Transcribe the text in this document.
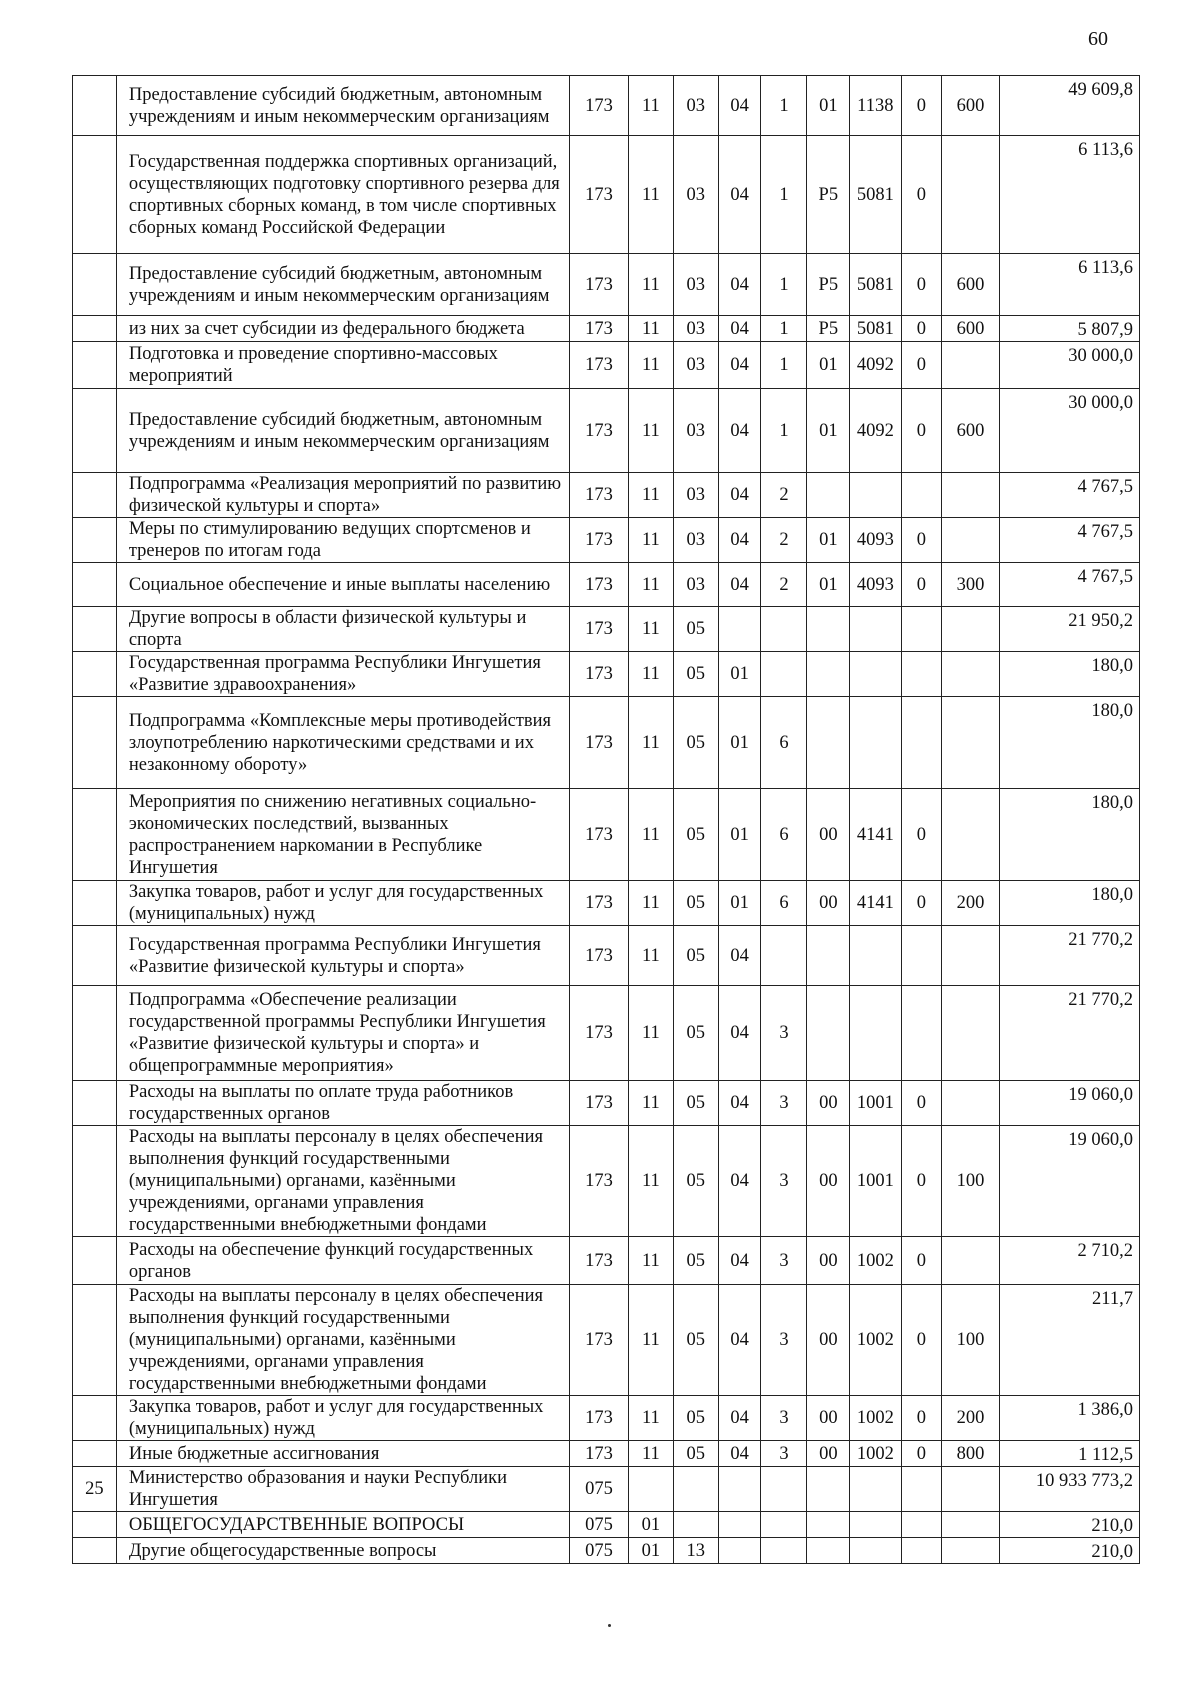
60
	Предоставление субсидий бюджетным, автономным учреждениям и иным некоммерческим организациям	173	11	03	04	1	01	1138	0	600	49 609,8
	Государственная поддержка спортивных организаций, осуществляющих подготовку спортивного резерва для спортивных сборных команд, в том числе спортивных сборных команд Российской Федерации	173	11	03	04	1	P5	5081	0		6 113,6
	Предоставление субсидий бюджетным, автономным учреждениям и иным некоммерческим организациям	173	11	03	04	1	P5	5081	0	600	6 113,6
	из них за счет субсидии из федерального бюджета	173	11	03	04	1	P5	5081	0	600	5 807,9
	Подготовка и проведение спортивно-массовых мероприятий	173	11	03	04	1	01	4092	0		30 000,0
	Предоставление субсидий бюджетным, автономным учреждениям и иным некоммерческим организациям	173	11	03	04	1	01	4092	0	600	30 000,0
	Подпрограмма «Реализация мероприятий по развитию физической культуры и спорта»	173	11	03	04	2					4 767,5
	Меры по стимулированию ведущих спортсменов и тренеров по итогам года	173	11	03	04	2	01	4093	0		4 767,5
	Социальное обеспечение и иные выплаты населению	173	11	03	04	2	01	4093	0	300	4 767,5
	Другие вопросы в области физической культуры и спорта	173	11	05							21 950,2
	Государственная программа Республики Ингушетия «Развитие здравоохранения»	173	11	05	01						180,0
	Подпрограмма «Комплексные меры противодействия злоупотреблению наркотическими средствами и их незаконному обороту»	173	11	05	01	6					180,0
	Мероприятия по снижению негативных социально-экономических последствий, вызванных распространением наркомании в Республике Ингушетия	173	11	05	01	6	00	4141	0		180,0
	Закупка товаров, работ и услуг для государственных (муниципальных) нужд	173	11	05	01	6	00	4141	0	200	180,0
	Государственная программа Республики Ингушетия «Развитие физической культуры и спорта»	173	11	05	04						21 770,2
	Подпрограмма «Обеспечение реализации государственной программы Республики Ингушетия «Развитие физической культуры и спорта» и общепрограммные мероприятия»	173	11	05	04	3					21 770,2
	Расходы на выплаты по оплате труда работников государственных органов	173	11	05	04	3	00	1001	0		19 060,0
	Расходы на выплаты персоналу в целях обеспечения выполнения функций государственными (муниципальными) органами, казёнными учреждениями, органами управления государственными внебюджетными фондами	173	11	05	04	3	00	1001	0	100	19 060,0
	Расходы на обеспечение функций государственных органов	173	11	05	04	3	00	1002	0		2 710,2
	Расходы на выплаты персоналу в целях обеспечения выполнения функций государственными (муниципальными) органами, казёнными учреждениями, органами управления государственными внебюджетными фондами	173	11	05	04	3	00	1002	0	100	211,7
	Закупка товаров, работ и услуг для государственных (муниципальных) нужд	173	11	05	04	3	00	1002	0	200	1 386,0
	Иные бюджетные ассигнования	173	11	05	04	3	00	1002	0	800	1 112,5
25	Министерство образования и науки Республики Ингушетия	075									10 933 773,2
	ОБЩЕГОСУДАРСТВЕННЫЕ ВОПРОСЫ	075	01								210,0
	Другие общегосударственные вопросы	075	01	13							210,0
